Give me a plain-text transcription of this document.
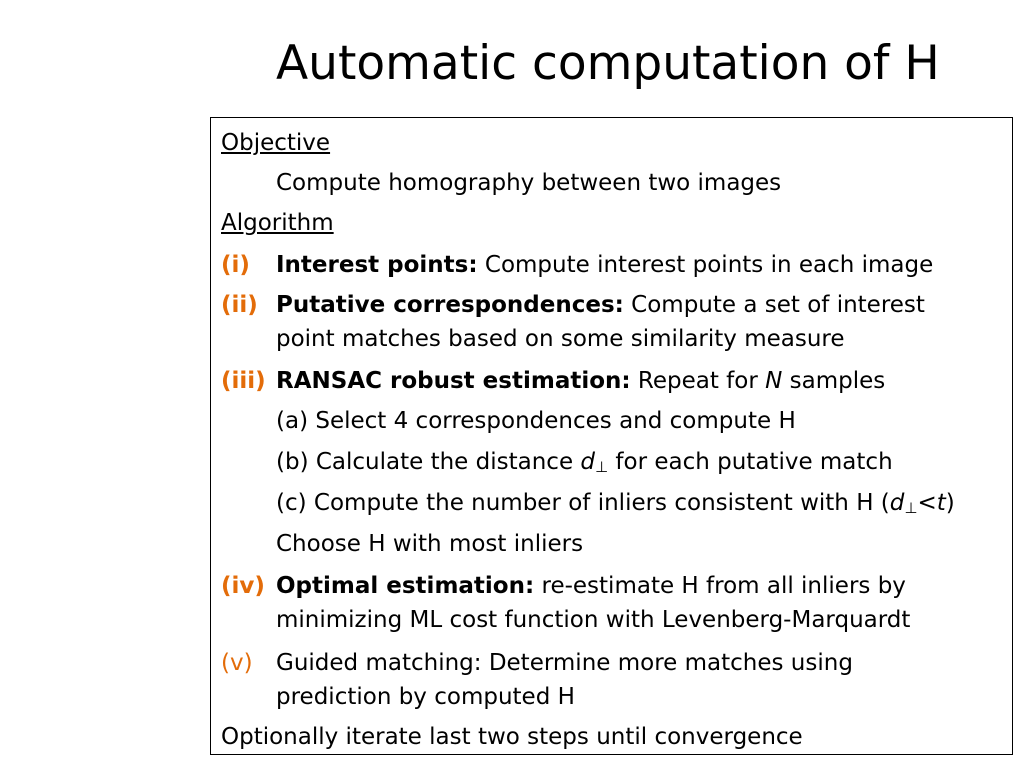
Automatic computation of H
Objective
Compute homography between two images
Algorithm
(i) Interest points: Compute interest points in each image
(ii) Putative correspondences: Compute a set of interest
point matches based on some similarity measure
(iii) RANSAC robust estimation: Repeat for N samples
(a) Select 4 correspondences and compute H
(b) Calculate the distance $d_\perp$ for each putative match
(c) Compute the number of inliers consistent with H $(d_\perp<t)$
Choose H with most inliers
(iv) Optimal estimation: re-estimate H from all inliers by
minimizing ML cost function with Levenberg-Marquardt
(v) Guided matching: Determine more matches using
prediction by computed H
Optionally iterate last two steps until convergence
